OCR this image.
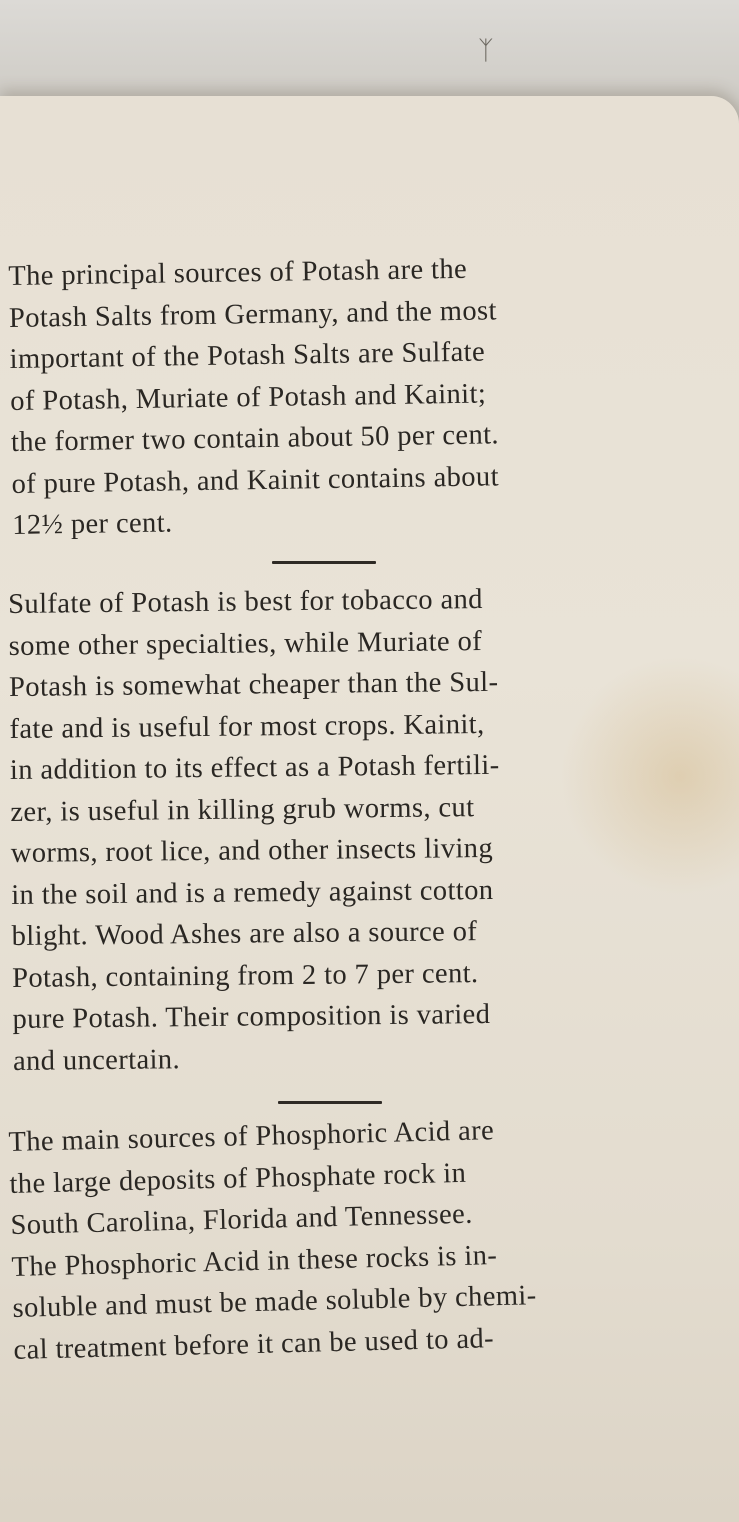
ᛉ
The principal sources of Potash are the
Potash Salts from Germany, and the most
important of the Potash Salts are Sulfate
of Potash, Muriate of Potash and Kainit;
the former two contain about 50 per cent.
of pure Potash, and Kainit contains about
12½ per cent.
Sulfate of Potash is best for tobacco and
some other specialties, while Muriate of
Potash is somewhat cheaper than the Sul-
fate and is useful for most crops. Kainit,
in addition to its effect as a Potash fertili-
zer, is useful in killing grub worms, cut
worms, root lice, and other insects living
in the soil and is a remedy against cotton
blight. Wood Ashes are also a source of
Potash, containing from 2 to 7 per cent.
pure Potash. Their composition is varied
and uncertain.
The main sources of Phosphoric Acid are
the large deposits of Phosphate rock in
South Carolina, Florida and Tennessee.
The Phosphoric Acid in these rocks is in-
soluble and must be made soluble by chemi-
cal treatment before it can be used to ad-
